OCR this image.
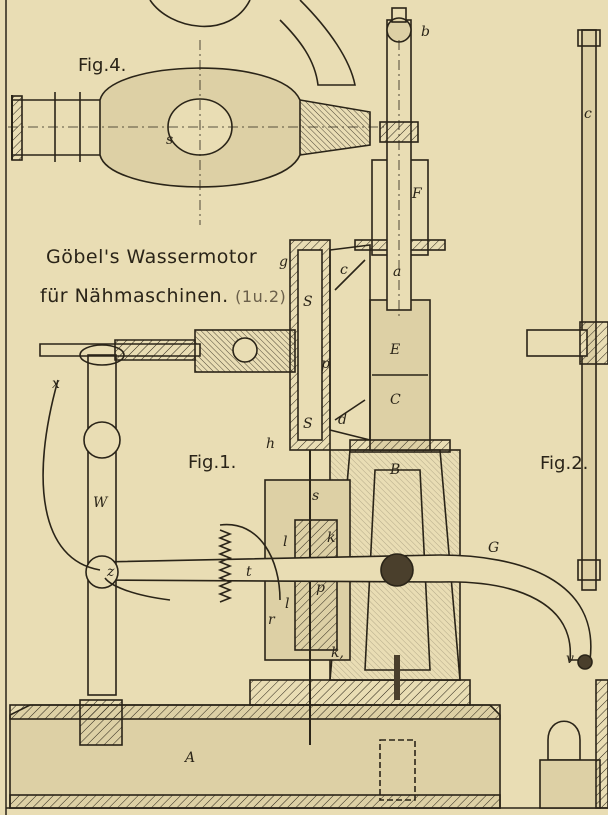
Göbel's Wassermotor
für Nähmaschinen. (1u.2)
Fig.4.
Fig.1.	Fig.2.
A
B
C
E
F
G
W
a
b
c
c
d
g
h
k
k,
l
l
p
p
r
s
s
S
S
t
v
x
z
